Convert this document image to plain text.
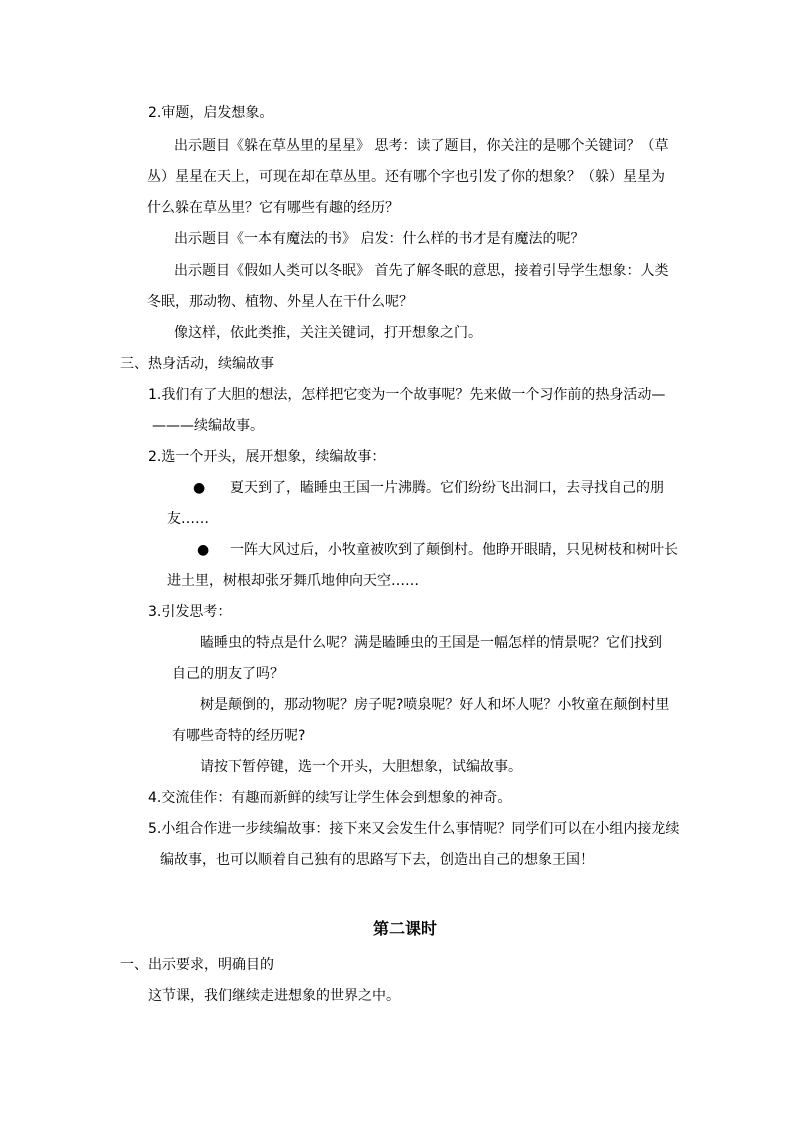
2.审题，启发想象。
出示题目《躲在草丛里的星星》 思考：读了题目，你关注的是哪个关键词？（草
丛）星星在天上，可现在却在草丛里。还有哪个字也引发了你的想象？（躲）星星为
什么躲在草丛里？它有哪些有趣的经历？
出示题目《一本有魔法的书》 启发：什么样的书才是有魔法的呢？
出示题目《假如人类可以冬眠》 首先了解冬眠的意思，接着引导学生想象：人类
冬眠，那动物、植物、外星人在干什么呢？
像这样，依此类推，关注关键词，打开想象之门。
三、热身活动，续编故事
1.我们有了大胆的想法，怎样把它变为一个故事呢？先来做一个习作前的热身活动—
———续编故事。
2.选一个开头，展开想象，续编故事：
● 夏天到了，瞌睡虫王国一片沸腾。它们纷纷飞出洞口，去寻找自己的朋
友……
● 一阵大风过后，小牧童被吹到了颠倒村。他睁开眼睛，只见树枝和树叶长
进土里，树根却张牙舞爪地伸向天空……
3.引发思考：
瞌睡虫的特点是什么呢？满是瞌睡虫的王国是一幅怎样的情景呢？它们找到
自己的朋友了吗？
树是颠倒的，那动物呢？房子呢?喷泉呢？好人和坏人呢？小牧童在颠倒村里
有哪些奇特的经历呢?
请按下暂停键，选一个开头，大胆想象，试编故事。
4.交流佳作：有趣而新鲜的续写让学生体会到想象的神奇。
5.小组合作进一步续编故事：接下来又会发生什么事情呢？同学们可以在小组内接龙续
编故事，也可以顺着自己独有的思路写下去，创造出自己的想象王国！
第二课时
一、出示要求，明确目的
这节课，我们继续走进想象的世界之中。
